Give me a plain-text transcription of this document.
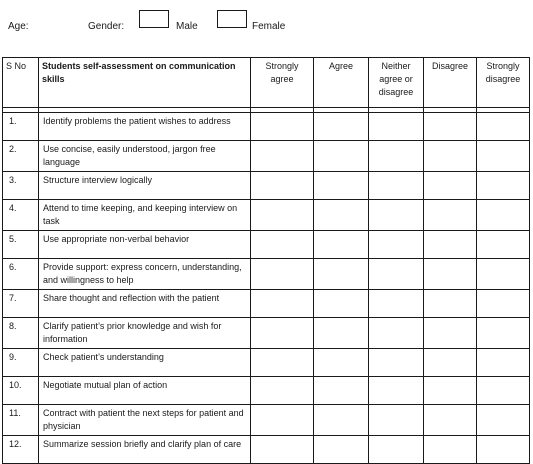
Age:	Gender:	Male	Female
S No	Students self-assessment on communication skills	Strongly agree	Agree	Neither agree or disagree	Disagree	Strongly disagree

1.	Identify problems the patient wishes to address					
2.	Use concise, easily understood, jargon free language					
3.	Structure interview logically					
4.	Attend to time keeping, and keeping interview on task					
5.	Use appropriate non-verbal behavior					
6.	Provide support: express concern, understanding, and willingness to help					
7.	Share thought and reflection with the patient					
8.	Clarify patient’s prior knowledge and wish for information					
9.	Check patient’s understanding					
10.	Negotiate mutual plan of action					
11.	Contract with patient the next steps for patient and physician					
12.	Summarize session briefly and clarify plan of care					
